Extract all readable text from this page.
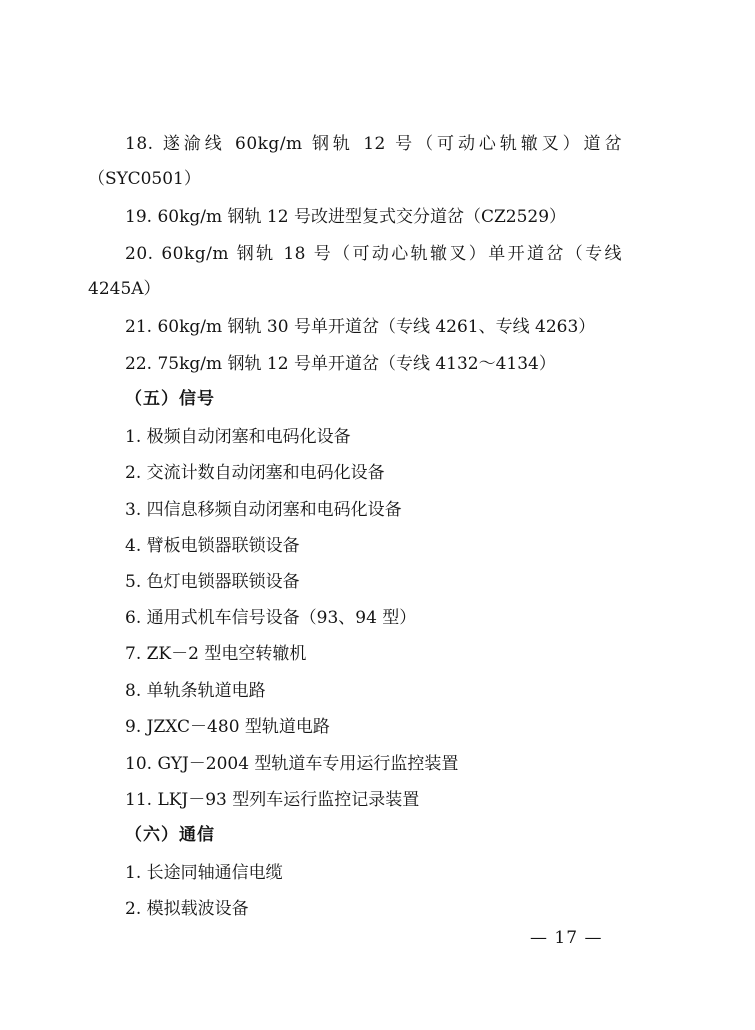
18. 遂渝线 60kg/m 钢轨 12 号（可动心轨辙叉）道岔
（SYC0501）
19. 60kg/m 钢轨 12 号改进型复式交分道岔（CZ2529）
20. 60kg/m 钢轨 18 号（可动心轨辙叉）单开道岔（专线
4245A）
21. 60kg/m 钢轨 30 号单开道岔（专线 4261、专线 4263）
22. 75kg/m 钢轨 12 号单开道岔（专线 4132～4134）
（五）信号
1. 极频自动闭塞和电码化设备
2. 交流计数自动闭塞和电码化设备
3. 四信息移频自动闭塞和电码化设备
4. 臂板电锁器联锁设备
5. 色灯电锁器联锁设备
6. 通用式机车信号设备（93、94 型）
7. ZK－2 型电空转辙机
8. 单轨条轨道电路
9. JZXC－480 型轨道电路
10. GYJ－2004 型轨道车专用运行监控装置
11. LKJ－93 型列车运行监控记录装置
（六）通信
1. 长途同轴通信电缆
2. 模拟载波设备
— 17 —
